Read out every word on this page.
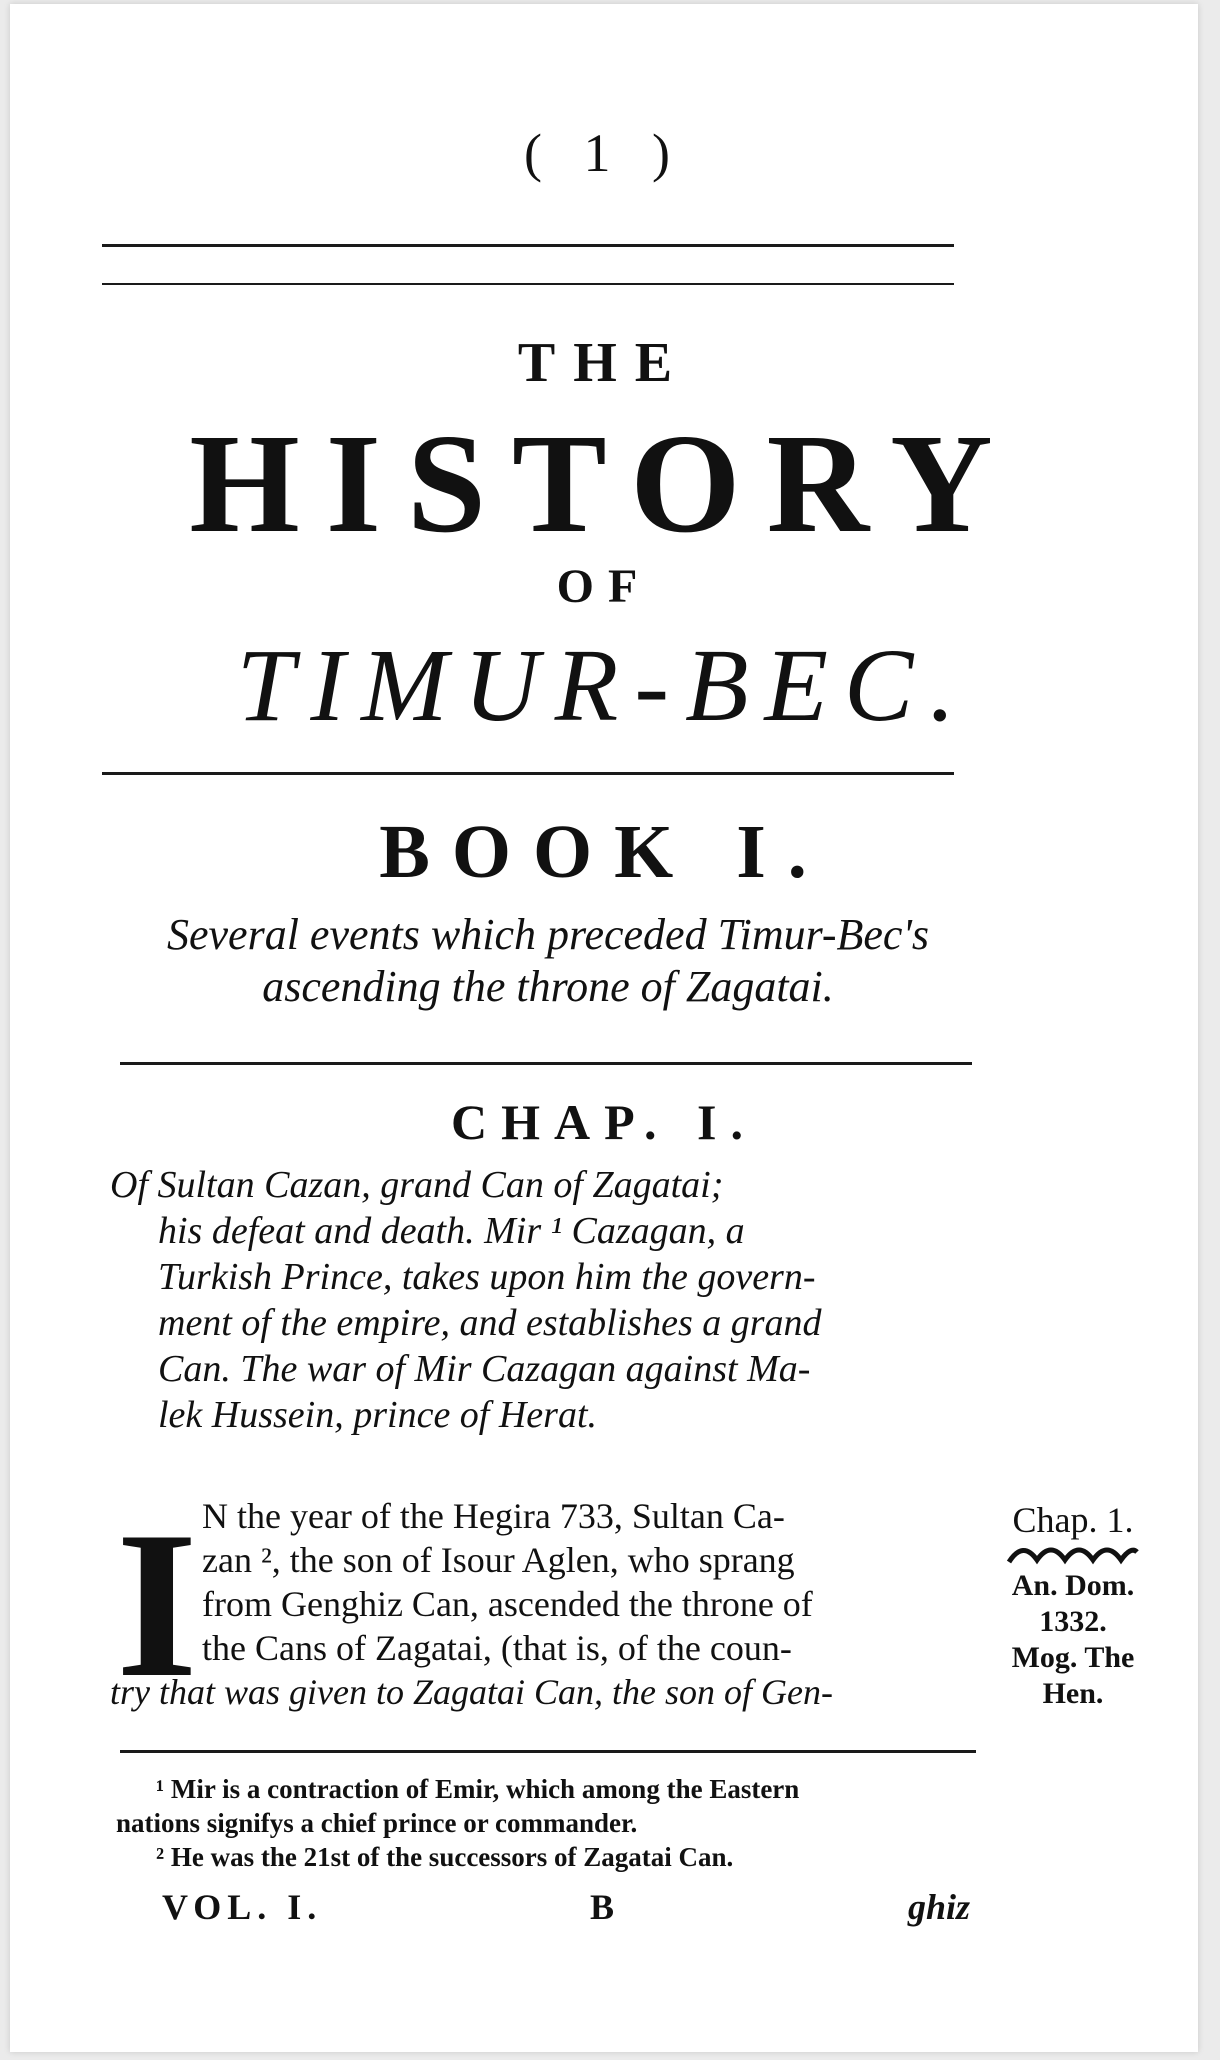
( 1 )
THE
HISTORY
OF
TIMUR-BEC.
BOOK I.
Several events which preceded Timur-Bec's
ascending the throne of Zagatai.
CHAP. I.
Of Sultan Cazan, grand Can of Zagatai;
his defeat and death. Mir ¹ Cazagan, a
Turkish Prince, takes upon him the govern-
ment of the empire, and establishes a grand
Can. The war of Mir Cazagan against Ma-
lek Hussein, prince of Herat.
I N the year of the Hegira 733, Sultan Ca-
zan ², the son of Isour Aglen, who sprang
from Genghiz Can, ascended the throne of
the Cans of Zagatai, (that is, of the coun-
try that was given to Zagatai Can, the son of Gen-
Chap. 1.
An. Dom.
1332.
Mog. The
Hen.
¹ Mir is a contraction of Emir, which among the Eastern
nations signifys a chief prince or commander.
² He was the 21st of the successors of Zagatai Can.
VOL. I.	B	ghiz
